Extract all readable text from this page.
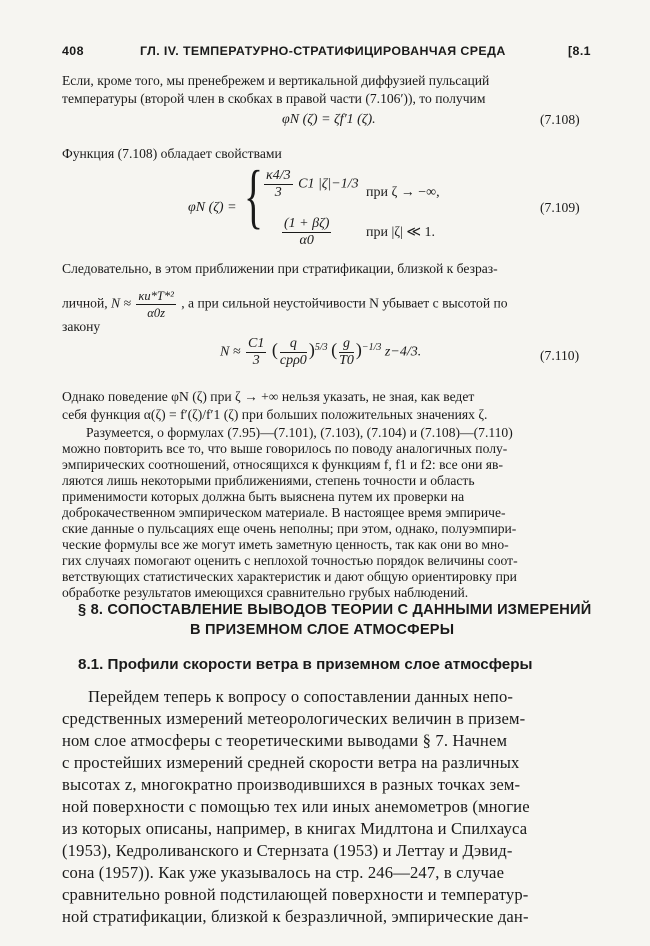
408	ГЛ. IV. ТЕМПЕРАТУРНО-СТРАТИФИЦИРОВАНЧАЯ СРЕДА	[8.1
Если, кроме того, мы пренебрежем и вертикальной диффузией пульсаций
температуры (второй член в скобках в правой части (7.106′)), то получим
φN (ζ) = ζf′1 (ζ).	(7.108)
Функция (7.108) обладает свойствами
φN (ζ) = { $\frac{\kappa 4/3}{3} C1$ |ζ|−1/3
при ζ → −∞,
$\frac{(1 + \beta\zeta)}{\alpha 0}$ при |ζ| ≪ 1.
(7.109)
Следовательно, в этом приближении при стратификации, близкой к безраз-
личной, $N \approx \frac{\text{κu*T*²}}{\alpha 0z}$ , а при сильной неустойчивости N убывает с высотой по
закону
$N \approx \frac{C1}{3}$ ( $\frac{q}{\text{cpρ0}} )^{5/3}$ ( $\frac{g}{T0} )^{-1/3}$ z−4/3.	(7.110)
Однако поведение φN (ζ) при ζ → +∞ нельзя указать, не зная, как ведет
себя функция α(ζ) = f′(ζ)/f′1 (ζ) при больших положительных значениях ζ.
Разумеется, о формулах (7.95)—(7.101), (7.103), (7.104) и (7.108)—(7.110)
можно повторить все то, что выше говорилось по поводу аналогичных полу-
эмпирических соотношений, относящихся к функциям f, f1 и f2: все они яв-
ляются лишь некоторыми приближениями, степень точности и область
применимости которых должна быть выяснена путем их проверки на
доброкачественном эмпирическом материале. В настоящее время эмпириче-
ские данные о пульсациях еще очень неполны; при этом, однако, полуэмпири-
ческие формулы все же могут иметь заметную ценность, так как они во мно-
гих случаях помогают оценить с неплохой точностью порядок величины соот-
ветствующих статистических характеристик и дают общую ориентировку при
обработке результатов имеющихся сравнительно грубых наблюдений.
§ 8. СОПОСТАВЛЕНИЕ ВЫВОДОВ ТЕОРИИ С ДАННЫМИ ИЗМЕРЕНИЙ
В ПРИЗЕМНОМ СЛОЕ АТМОСФЕРЫ
8.1. Профили скорости ветра в приземном слое атмосферы
Перейдем теперь к вопросу о сопоставлении данных непо-
средственных измерений метеорологических величин в призем-
ном слое атмосферы с теоретическими выводами § 7. Начнем
с простейших измерений средней скорости ветра на различных
высотах z, многократно производившихся в разных точках зем-
ной поверхности с помощью тех или иных анемометров (многие
из которых описаны, например, в книгах Мидлтона и Спилхауса
(1953), Кедроливанского и Стернзата (1953) и Леттау и Дэвид-
сона (1957)). Как уже указывалось на стр. 246—247, в случае
сравнительно ровной подстилающей поверхности и температур-
ной стратификации, близкой к безразличной, эмпирические дан-
